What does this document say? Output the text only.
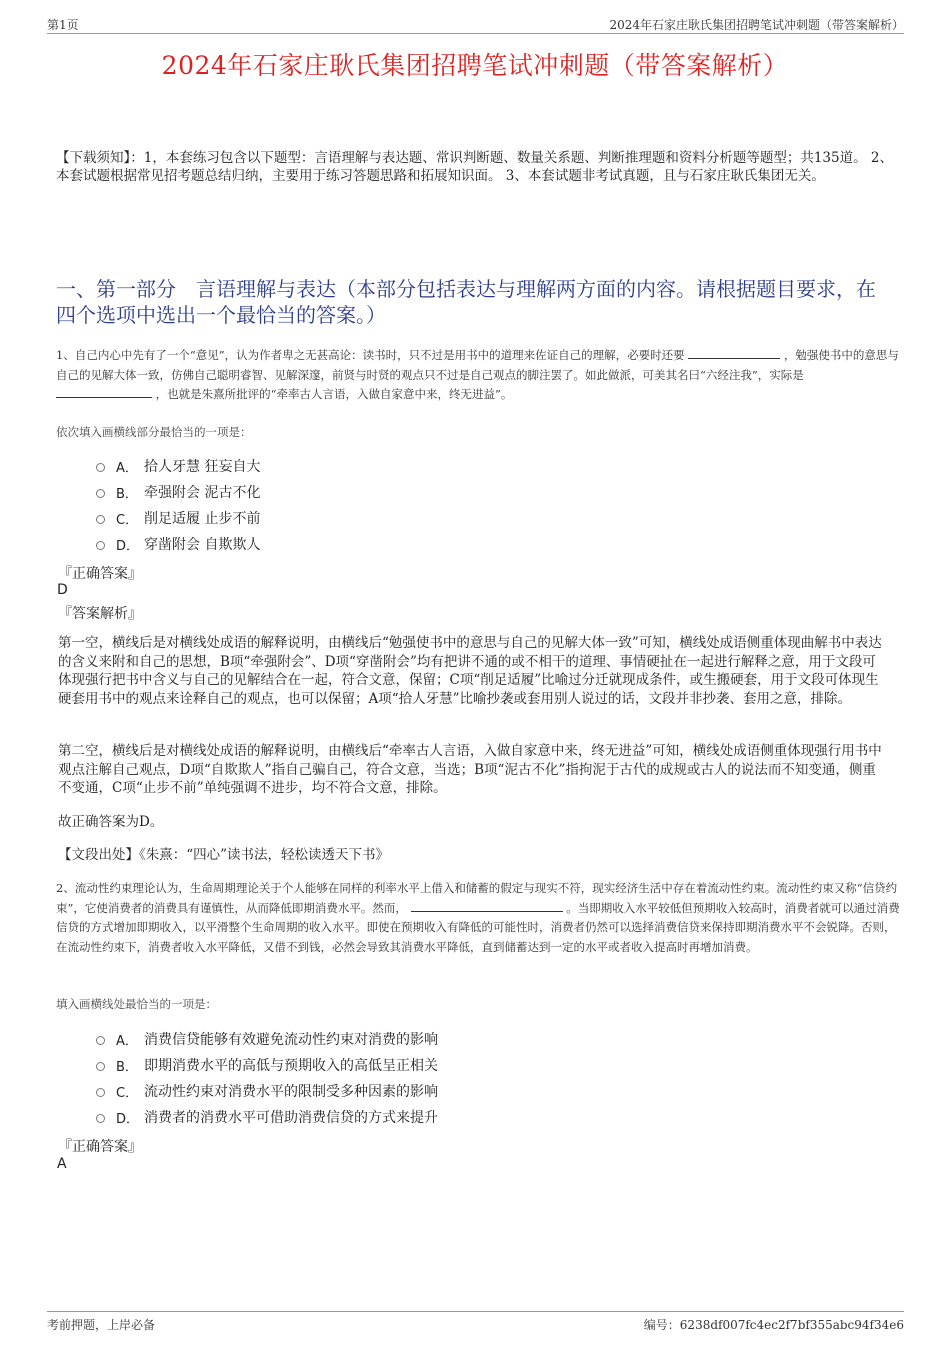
第1页	2024年石家庄耿氏集团招聘笔试冲刺题（带答案解析）
2024年石家庄耿氏集团招聘笔试冲刺题（带答案解析）
【下载须知】：1，本套练习包含以下题型：言语理解与表达题、常识判断题、数量关系题、判断推理题和资料分析题等题型；共135道。 2、本套试题根据常见招考题总结归纳，主要用于练习答题思路和拓展知识面。 3、本套试题非考试真题，且与石家庄耿氏集团无关。
一、第一部分　言语理解与表达（本部分包括表达与理解两方面的内容。请根据题目要求，在四个选项中选出一个最恰当的答案。）
1、自己内心中先有了一个“意见”，认为作者卑之无甚高论：读书时，只不过是用书中的道理来佐证自己的理解，必要时还要	，勉强使书中的意思与自己的见解大体一致，仿佛自己聪明睿智、见解深邃，前贤与时贤的观点只不过是自己观点的脚注罢了。如此做派，可美其名曰“六经注我”，实际是  ，也就是朱熹所批评的“牵率古人言语，入做自家意中来，终无进益”。
依次填入画横线部分最恰当的一项是：
A． 拾人牙慧 狂妄自大
B． 牵强附会 泥古不化
C． 削足适履 止步不前
D． 穿凿附会 自欺欺人
『正确答案』
D
『答案解析』
第一空，横线后是对横线处成语的解释说明，由横线后“勉强使书中的意思与自己的见解大体一致”可知，横线处成语侧重体现曲解书中表达的含义来附和自己的思想，B项“牵强附会”、D项“穿凿附会”均有把讲不通的或不相干的道理、事情硬扯在一起进行解释之意，用于文段可体现强行把书中含义与自己的见解结合在一起，符合文意，保留；C项“削足适履”比喻过分迁就现成条件，或生搬硬套，用于文段可体现生硬套用书中的观点来诠释自己的观点，也可以保留；A项“拾人牙慧”比喻抄袭或套用别人说过的话，文段并非抄袭、套用之意，排除。
第二空，横线后是对横线处成语的解释说明，由横线后“牵率古人言语，入做自家意中来，终无进益”可知，横线处成语侧重体现强行用书中观点注解自己观点，D项“自欺欺人”指自己骗自己，符合文意，当选；B项“泥古不化”指拘泥于古代的成规或古人的说法而不知变通，侧重不变通，C项“止步不前”单纯强调不进步，均不符合文意，排除。
故正确答案为D。
【文段出处】《朱熹：“四心”读书法，轻松读透天下书》
2、流动性约束理论认为，生命周期理论关于个人能够在同样的利率水平上借入和储蓄的假定与现实不符，现实经济生活中存在着流动性约束。流动性约束又称“信贷约束”，它使消费者的消费具有谨慎性，从而降低即期消费水平。然而，	。当即期收入水平较低但预期收入较高时，消费者就可以通过消费信贷的方式增加即期收入，以平滑整个生命周期的收入水平。即使在预期收入有降低的可能性时，消费者仍然可以选择消费信贷来保持即期消费水平不会锐降。否则，在流动性约束下，消费者收入水平降低，又借不到钱，必然会导致其消费水平降低，直到储蓄达到一定的水平或者收入提高时再增加消费。
填入画横线处最恰当的一项是：
A． 消费信贷能够有效避免流动性约束对消费的影响
B． 即期消费水平的高低与预期收入的高低呈正相关
C． 流动性约束对消费水平的限制受多种因素的影响
D． 消费者的消费水平可借助消费信贷的方式来提升
『正确答案』
A
考前押题，上岸必备	编号：6238df007fc4ec2f7bf355abc94f34e6
